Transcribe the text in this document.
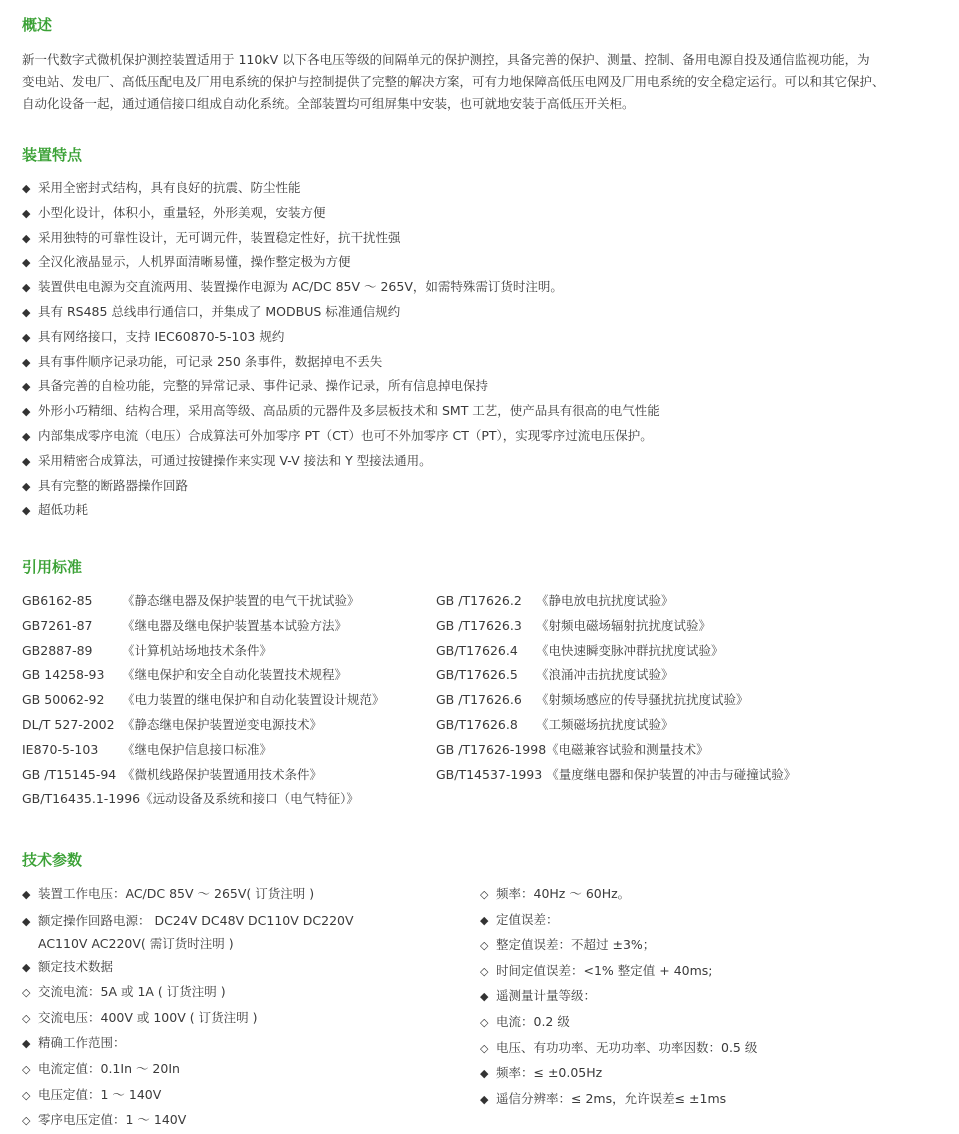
概述
新一代数字式微机保护测控装置适用于 110kV 以下各电压等级的间隔单元的保护测控，具备完善的保护、测量、控制、备用电源自投及通信监视功能，为
变电站、发电厂、高低压配电及厂用电系统的保护与控制提供了完整的解决方案，可有力地保障高低压电网及厂用电系统的安全稳定运行。可以和其它保护、
自动化设备一起，通过通信接口组成自动化系统。全部装置均可组屏集中安装，也可就地安装于高低压开关柜。
装置特点
◆ 采用全密封式结构，具有良好的抗震、防尘性能
◆ 小型化设计，体积小，重量轻，外形美观，安装方便
◆ 采用独特的可靠性设计，无可调元件，装置稳定性好，抗干扰性强
◆ 全汉化液晶显示，人机界面清晰易懂，操作整定极为方便
◆ 装置供电电源为交直流两用、装置操作电源为 AC/DC 85V ～ 265V，如需特殊需订货时注明。
◆ 具有 RS485 总线串行通信口，并集成了 MODBUS 标准通信规约
◆ 具有网络接口，支持 IEC60870-5-103 规约
◆ 具有事件顺序记录功能，可记录 250 条事件，数据掉电不丢失
◆ 具备完善的自检功能，完整的异常记录、事件记录、操作记录，所有信息掉电保持
◆ 外形小巧精细、结构合理，采用高等级、高品质的元器件及多层板技术和 SMT 工艺，使产品具有很高的电气性能
◆ 内部集成零序电流（电压）合成算法可外加零序 PT（CT）也可不外加零序 CT（PT），实现零序过流电压保护。
◆ 采用精密合成算法，可通过按键操作来实现 V-V 接法和 Y 型接法通用。
◆ 具有完整的断路器操作回路
◆ 超低功耗
引用标准
GB6162-85 《静态继电器及保护装置的电气干扰试验》
GB7261-87 《继电器及继电保护装置基本试验方法》
GB2887-89 《计算机站场地技术条件》
GB 14258-93 《继电保护和安全自动化装置技术规程》
GB 50062-92 《电力装置的继电保护和自动化装置设计规范》
DL/T 527-2002 《静态继电保护装置逆变电源技术》
IE870-5-103 《继电保护信息接口标准》
GB /T15145-94 《微机线路保护装置通用技术条件》
GB/T16435.1-1996《远动设备及系统和接口（电气特征）》
GB /T17626.2 《静电放电抗扰度试验》
GB /T17626.3 《射频电磁场辐射抗扰度试验》
GB/T17626.4 《电快速瞬变脉冲群抗扰度试验》
GB/T17626.5 《浪涌冲击抗扰度试验》
GB /T17626.6 《射频场感应的传导骚扰抗扰度试验》
GB/T17626.8 《工频磁场抗扰度试验》
GB /T17626-1998《电磁兼容试验和测量技术》
GB/T14537-1993 《量度继电器和保护装置的冲击与碰撞试验》
技术参数
◆ 装置工作电压：AC/DC 85V ～ 265V( 订货注明 )
◆ 额定操作回路电源： DC24V DC48V DC110V DC220V
AC110V AC220V( 需订货时注明 )
◆ 额定技术数据
◇ 交流电流：5A 或 1A ( 订货注明 )
◇ 交流电压：400V 或 100V ( 订货注明 )
◆ 精确工作范围：
◇ 电流定值：0.1In ～ 20In
◇ 电压定值：1 ～ 140V
◇ 零序电压定值：1 ～ 140V
◇ 频率：40Hz ～ 60Hz。
◆ 定值误差：
◇ 整定值误差：不超过 ±3%；
◇ 时间定值误差：<1% 整定值 + 40ms;
◆ 遥测量计量等级：
◇ 电流：0.2 级
◇ 电压、有功功率、无功功率、功率因数：0.5 级
◆ 频率：≤ ±0.05Hz
◆ 遥信分辨率：≤ 2ms，允许误差≤ ±1ms
